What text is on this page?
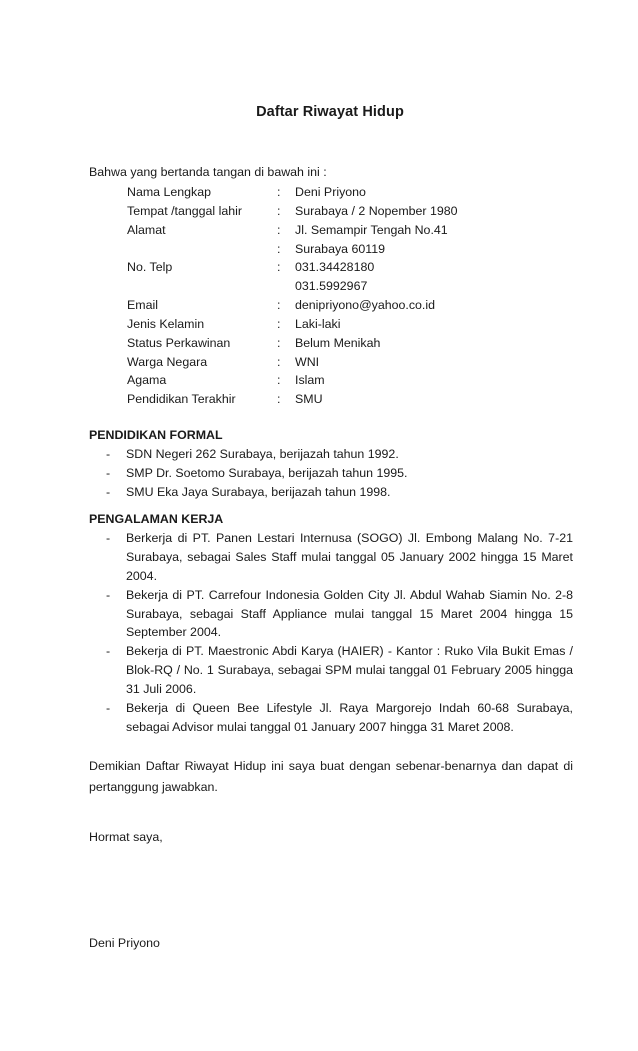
Daftar Riwayat Hidup
Bahwa yang bertanda tangan di bawah ini :
Nama Lengkap	:	Deni Priyono
Tempat /tanggal lahir	:	Surabaya / 2 Nopember 1980
Alamat	:	Jl. Semampir Tengah No.41
	:	Surabaya 60119
No. Telp	:	031.34428180
		031.5992967
Email	:	denipriyono@yahoo.co.id
Jenis Kelamin	:	Laki-laki
Status Perkawinan	:	Belum Menikah
Warga Negara	:	WNI
Agama	:	Islam
Pendidikan Terakhir	:	SMU
PENDIDIKAN FORMAL
- SDN Negeri 262 Surabaya, berijazah tahun 1992.
- SMP Dr. Soetomo Surabaya, berijazah tahun 1995.
- SMU Eka Jaya Surabaya, berijazah tahun 1998.
PENGALAMAN KERJA
- Berkerja di PT. Panen Lestari Internusa (SOGO) Jl. Embong Malang No. 7-21 Surabaya, sebagai Sales Staff mulai tanggal 05 January 2002 hingga 15 Maret 2004.
- Bekerja di PT. Carrefour Indonesia Golden City Jl. Abdul Wahab Siamin No. 2-8 Surabaya, sebagai Staff Appliance mulai tanggal 15 Maret 2004 hingga 15 September 2004.
- Bekerja di PT. Maestronic Abdi Karya (HAIER) - Kantor : Ruko Vila Bukit Emas / Blok-RQ / No. 1 Surabaya, sebagai SPM mulai tanggal 01 February 2005 hingga 31 Juli 2006.
- Bekerja di Queen Bee Lifestyle Jl. Raya Margorejo Indah 60-68 Surabaya, sebagai Advisor mulai tanggal 01 January 2007 hingga 31 Maret 2008.
Demikian Daftar Riwayat Hidup ini saya buat dengan sebenar-benarnya dan dapat di pertanggung jawabkan.
Hormat saya,
Deni Priyono
